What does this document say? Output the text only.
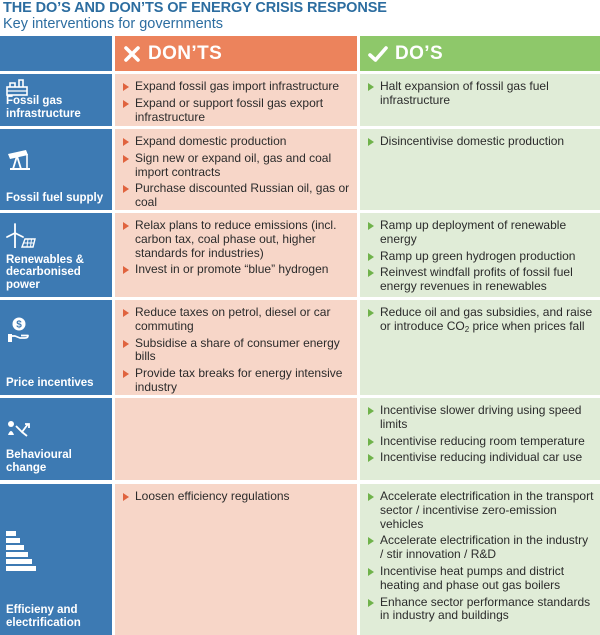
THE DO’S AND DON’TS OF ENERGY CRISIS RESPONSE
Key interventions for governments
DON’TS	DO’S
Fossil gas infrastructure
Expand fossil gas import infrastructure
Expand or support fossil gas export infrastructure
Halt expansion of fossil gas fuel infrastructure
Fossil fuel supply
Expand domestic production
Sign new or expand oil, gas and coal import contracts
Purchase discounted Russian oil, gas or coal
Disincentivise domestic production
Renewables & decarbonised power
Relax plans to reduce emissions (incl. carbon tax, coal phase out, higher standards for industries)
Invest in or promote “blue” hydrogen
Ramp up deployment of renewable energy
Ramp up green hydrogen production
Reinvest windfall profits of fossil fuel energy revenues in renewables
$
Price incentives
Reduce taxes on petrol, diesel or car commuting
Subsidise a share of consumer energy bills
Provide tax breaks for energy intensive industry
Reduce oil and gas subsidies, and raise or introduce $CO_2$ price when prices fall
Behavioural change
Incentivise slower driving using speed limits
Incentivise reducing room temperature
Incentivise reducing individual car use
Efficieny and electrification
Loosen efficiency regulations	Accelerate electrification in the transport sector / incentivise zero-emission vehicles
Accelerate electrification in the industry / stir innovation / R&D
Incentivise heat pumps and district heating and phase out gas boilers
Enhance sector performance standards in industry and buildings
